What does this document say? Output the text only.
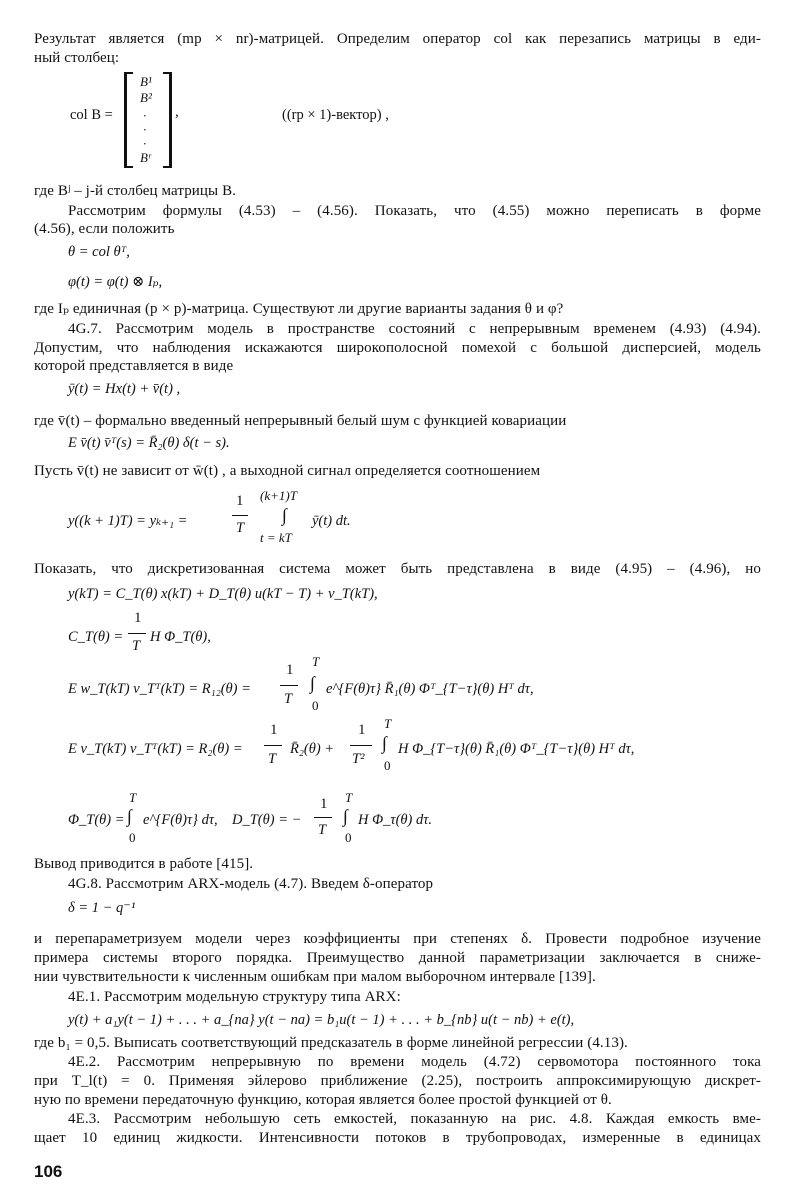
Результат является (mp × nr)-матрицей. Определим оператор col как перезапись матрицы в еди-
ный столбец:
col B =
B¹
B²
·
·
·
Bʳ
,	((rp × 1)-вектор) ,
где Bʲ – j-й столбец матрицы B.
Рассмотрим формулы (4.53) – (4.56). Показать, что (4.55) можно переписать в форме
(4.56), если положить
θ = col θᵀ,
φ(t) = φ(t) ⊗ Iₚ,
где Iₚ единичная (p × p)-матрица. Существуют ли другие варианты задания θ и φ?
4G.7. Рассмотрим модель в пространстве состояний с непрерывным временем (4.93) (4.94).
Допустим, что наблюдения искажаются широкополосной помехой с большой дисперсией, модель
которой представляется в виде
ȳ(t) = Hx(t) + v̄(t) ,
где v̄(t) – формально введенный непрерывный белый шум с функцией ковариации
E v̄(t) v̄ᵀ(s) = R̄₂(θ) δ(t − s).
Пусть v̄(t) не зависит от w̄(t) , а выходной сигнал определяется соотношением
y((k + 1)T) = yₖ₊₁ =
1
T
(k+1)T
∫
t = kT
ȳ(t) dt.
Показать, что дискретизованная система может быть представлена в виде (4.95) – (4.96), но
y(kT) = C_T(θ) x(kT) + D_T(θ) u(kT − T) + v_T(kT),
C_T(θ) =
1
T
H Φ_T(θ),
E w_T(kT) v_Tᵀ(kT) = R₁₂(θ) =
1
T
T
∫
0
e^{F(θ)τ} R̄₁(θ) Φᵀ_{T−τ}(θ) Hᵀ dτ,
E v_T(kT) v_Tᵀ(kT) = R₂(θ) =
1
T
R̄₂(θ) +
1
T²
T
∫
0
H Φ_{T−τ}(θ) R̄₁(θ) Φᵀ_{T−τ}(θ) Hᵀ dτ,
Φ_T(θ) =
T
∫
0
e^{F(θ)τ} dτ, D_T(θ) = −
1
T
T
∫
0
H Φ_τ(θ) dτ.
Вывод приводится в работе [415].
4G.8. Рассмотрим ARX-модель (4.7). Введем δ-оператор
δ = 1 − q⁻¹
и перепараметризуем модели через коэффициенты при степенях δ. Провести подробное изучение
примера системы второго порядка. Преимущество данной параметризации заключается в сниже-
нии чувствительности к численным ошибкам при малом выборочном интервале [139].
4E.1. Рассмотрим модельную структуру типа ARX:
y(t) + a₁y(t − 1) + . . . + a_{na} y(t − na) = b₁u(t − 1) + . . . + b_{nb} u(t − nb) + e(t),
где b₁ = 0,5. Выписать соответствующий предсказатель в форме линейной регрессии (4.13).
4E.2. Рассмотрим непрерывную по времени модель (4.72) сервомотора постоянного тока
при T_l(t) = 0. Применяя эйлерово приближение (2.25), построить аппроксимирующую дискрет-
ную по времени передаточную функцию, которая является более простой функцией от θ.
4E.3. Рассмотрим небольшую сеть емкостей, показанную на рис. 4.8. Каждая емкость вме-
щает 10 единиц жидкости. Интенсивности потоков в трубопроводах, измеренные в единицах
106
